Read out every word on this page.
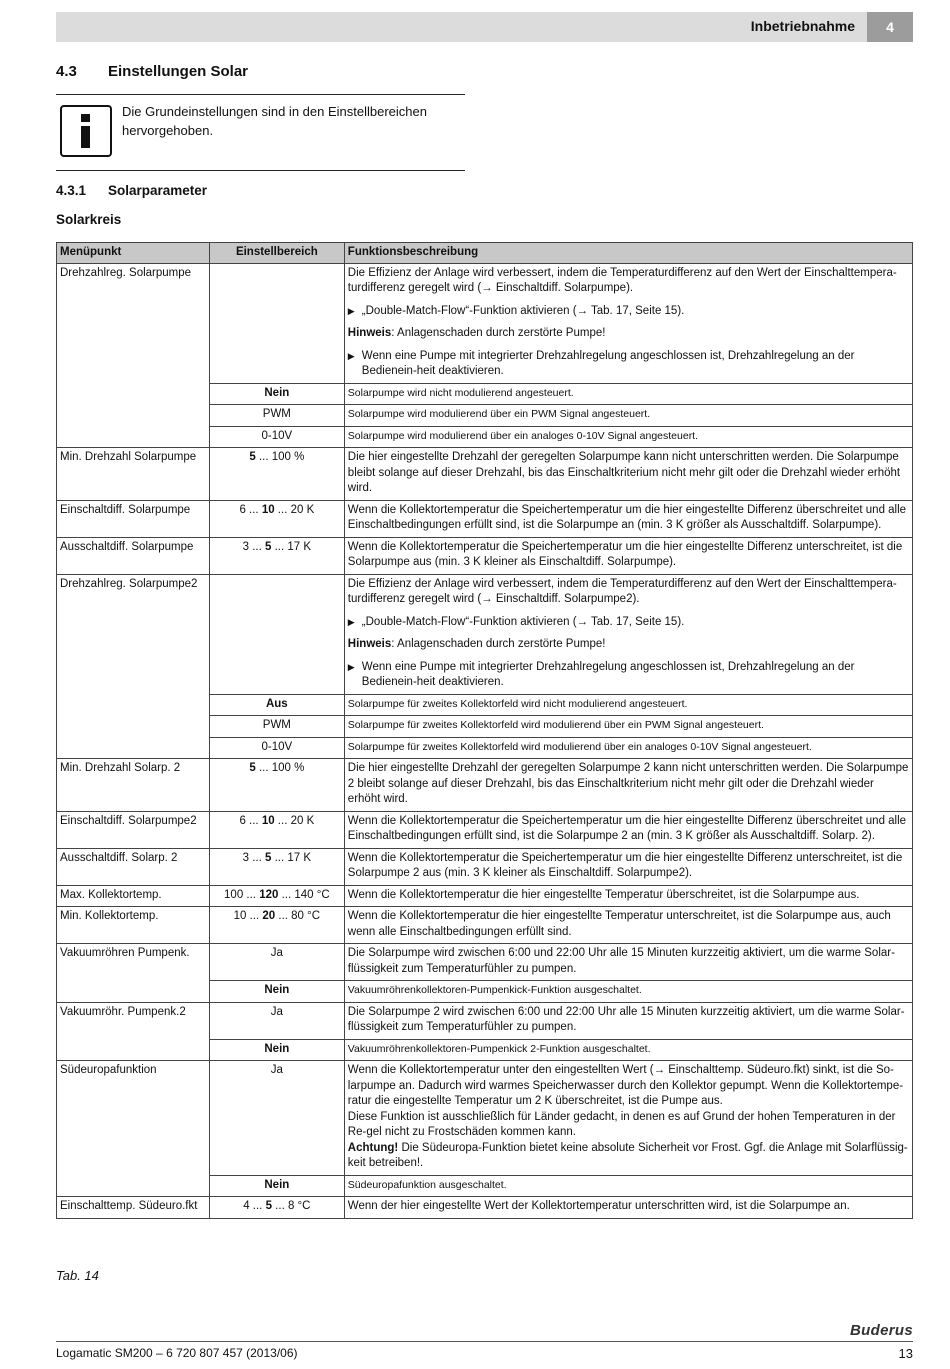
Inbetriebnahme	4
4.3 Einstellungen Solar
Die Grundeinstellungen sind in den Einstellbereichen hervorgehoben.
4.3.1 Solarparameter
Solarkreis
Menüpunkt	Einstellbereich	Funktionsbeschreibung
Drehzahlreg. Solarpumpe		Die Effizienz der Anlage wird verbessert, indem die Temperaturdifferenz auf den Wert der Einschalttempera-turdifferenz geregelt wird (→ Einschaltdiff. Solarpumpe).
▶ „Double-Match-Flow“-Funktion aktivieren (→ Tab. 17, Seite 15).
Hinweis: Anlagenschaden durch zerstörte Pumpe!
▶ Wenn eine Pumpe mit integrierter Drehzahlregelung angeschlossen ist, Drehzahlregelung an der Bedienein-heit deaktivieren.

	Nein	Solarpumpe wird nicht modulierend angesteuert.
	PWM	Solarpumpe wird modulierend über ein PWM Signal angesteuert.
	0-10V	Solarpumpe wird modulierend über ein analoges 0-10V Signal angesteuert.
Min. Drehzahl Solarpumpe	5 ... 100 %	Die hier eingestellte Drehzahl der geregelten Solarpumpe kann nicht unterschritten werden. Die Solarpumpe bleibt solange auf dieser Drehzahl, bis das Einschaltkriterium nicht mehr gilt oder die Drehzahl wieder erhöht wird.

Einschaltdiff. Solarpumpe	6 ... 10 ... 20 K	Wenn die Kollektortemperatur die Speichertemperatur um die hier eingestellte Differenz überschreitet und alle Einschaltbedingungen erfüllt sind, ist die Solarpumpe an (min. 3 K größer als Ausschaltdiff. Solarpumpe).

Ausschaltdiff. Solarpumpe	3 ... 5 ... 17 K	Wenn die Kollektortemperatur die Speichertemperatur um die hier eingestellte Differenz unterschreitet, ist die Solarpumpe aus (min. 3 K kleiner als Einschaltdiff. Solarpumpe).

Drehzahlreg. Solarpumpe2		Die Effizienz der Anlage wird verbessert, indem die Temperaturdifferenz auf den Wert der Einschalttempera-turdifferenz geregelt wird (→ Einschaltdiff. Solarpumpe2).
▶ „Double-Match-Flow“-Funktion aktivieren (→ Tab. 17, Seite 15).
Hinweis: Anlagenschaden durch zerstörte Pumpe!
▶ Wenn eine Pumpe mit integrierter Drehzahlregelung angeschlossen ist, Drehzahlregelung an der Bedienein-heit deaktivieren.

	Aus	Solarpumpe für zweites Kollektorfeld wird nicht modulierend angesteuert.
	PWM	Solarpumpe für zweites Kollektorfeld wird modulierend über ein PWM Signal angesteuert.
	0-10V	Solarpumpe für zweites Kollektorfeld wird modulierend über ein analoges 0-10V Signal angesteuert.
Min. Drehzahl Solarp. 2	5 ... 100 %	Die hier eingestellte Drehzahl der geregelten Solarpumpe 2 kann nicht unterschritten werden. Die Solarpumpe 2 bleibt solange auf dieser Drehzahl, bis das Einschaltkriterium nicht mehr gilt oder die Drehzahl wieder erhöht wird.

Einschaltdiff. Solarpumpe2	6 ... 10 ... 20 K	Wenn die Kollektortemperatur die Speichertemperatur um die hier eingestellte Differenz überschreitet und alle Einschaltbedingungen erfüllt sind, ist die Solarpumpe 2 an (min. 3 K größer als Ausschaltdiff. Solarp. 2).

Ausschaltdiff. Solarp. 2	3 ... 5 ... 17 K	Wenn die Kollektortemperatur die Speichertemperatur um die hier eingestellte Differenz unterschreitet, ist die Solarpumpe 2 aus (min. 3 K kleiner als Einschaltdiff. Solarpumpe2).

Max. Kollektortemp.	100 ... 120 ... 140 °C	Wenn die Kollektortemperatur die hier eingestellte Temperatur überschreitet, ist die Solarpumpe aus.

Min. Kollektortemp.	10 ... 20 ... 80 °C	Wenn die Kollektortemperatur die hier eingestellte Temperatur unterschreitet, ist die Solarpumpe aus, auch wenn alle Einschaltbedingungen erfüllt sind.

Vakuumröhren Pumpenk.	Ja	Die Solarpumpe wird zwischen 6:00 und 22:00 Uhr alle 15 Minuten kurzzeitig aktiviert, um die warme Solar-flüssigkeit zum Temperaturfühler zu pumpen.

	Nein	Vakuumröhrenkollektoren-Pumpenkick-Funktion ausgeschaltet.
Vakuumröhr. Pumpenk.2	Ja	Die Solarpumpe 2 wird zwischen 6:00 und 22:00 Uhr alle 15 Minuten kurzzeitig aktiviert, um die warme Solar-flüssigkeit zum Temperaturfühler zu pumpen.

	Nein	Vakuumröhrenkollektoren-Pumpenkick 2-Funktion ausgeschaltet.
Südeuropafunktion	Ja	Wenn die Kollektortemperatur unter den eingestellten Wert (→ Einschalttemp. Südeuro.fkt) sinkt, ist die So-larpumpe an. Dadurch wird warmes Speicherwasser durch den Kollektor gepumpt. Wenn die Kollektortempe-ratur die eingestellte Temperatur um 2 K überschreitet, ist die Pumpe aus.
Diese Funktion ist ausschließlich für Länder gedacht, in denen es auf Grund der hohen Temperaturen in der Re-gel nicht zu Frostschäden kommen kann.
Achtung! Die Südeuropa-Funktion bietet keine absolute Sicherheit vor Frost. Ggf. die Anlage mit Solarflüssig-keit betreiben!.

	Nein	Südeuropafunktion ausgeschaltet.
Einschalttemp. Südeuro.fkt	4 ... 5 ... 8 °C	Wenn der hier eingestellte Wert der Kollektortemperatur unterschritten wird, ist die Solarpumpe an.
Tab. 14
Buderus
Logamatic SM200 – 6 720 807 457 (2013/06)	13
